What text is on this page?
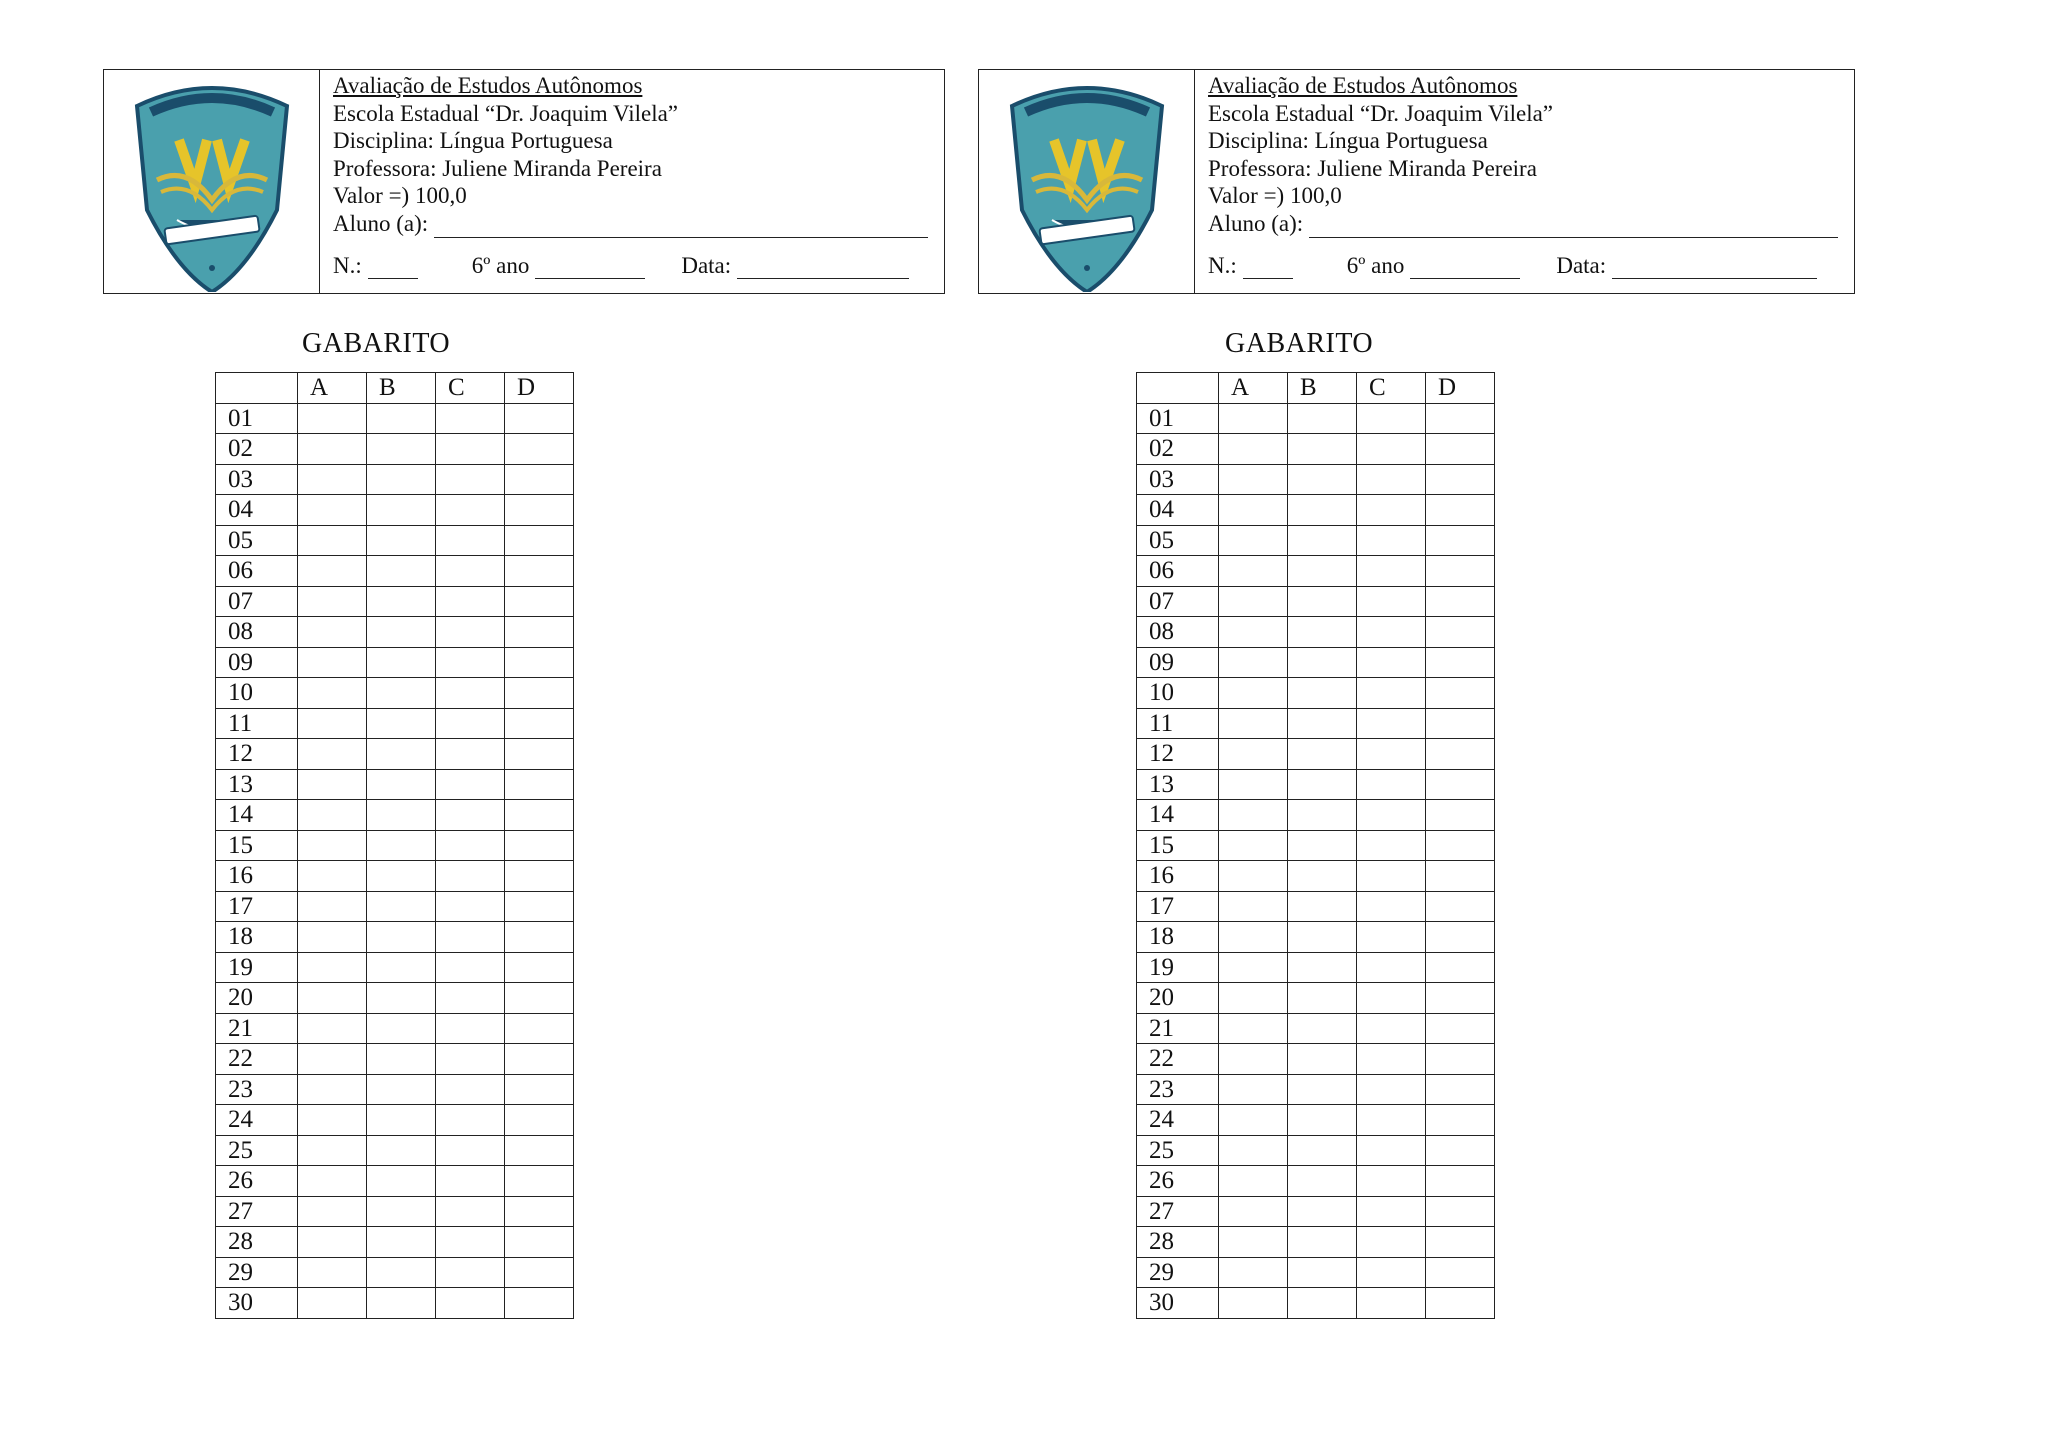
Avaliação de Estudos Autônomos
Escola Estadual “Dr. Joaquim Vilela”
Disciplina: Língua Portuguesa
Professora: Juliene Miranda Pereira
Valor =) 100,0
Aluno (a):
N.:	6º ano	Data:
GABARITO
	A	B	C	D
01				
02				
03				
04				
05				
06				
07				
08				
09				
10				
11				
12				
13				
14				
15				
16				
17				
18				
19				
20				
21				
22				
23				
24				
25				
26				
27				
28				
29				
30				
Avaliação de Estudos Autônomos
Escola Estadual “Dr. Joaquim Vilela”
Disciplina: Língua Portuguesa
Professora: Juliene Miranda Pereira
Valor =) 100,0
Aluno (a):
N.:	6º ano	Data:
GABARITO
	A	B	C	D
01				
02				
03				
04				
05				
06				
07				
08				
09				
10				
11				
12				
13				
14				
15				
16				
17				
18				
19				
20				
21				
22				
23				
24				
25				
26				
27				
28				
29				
30				
